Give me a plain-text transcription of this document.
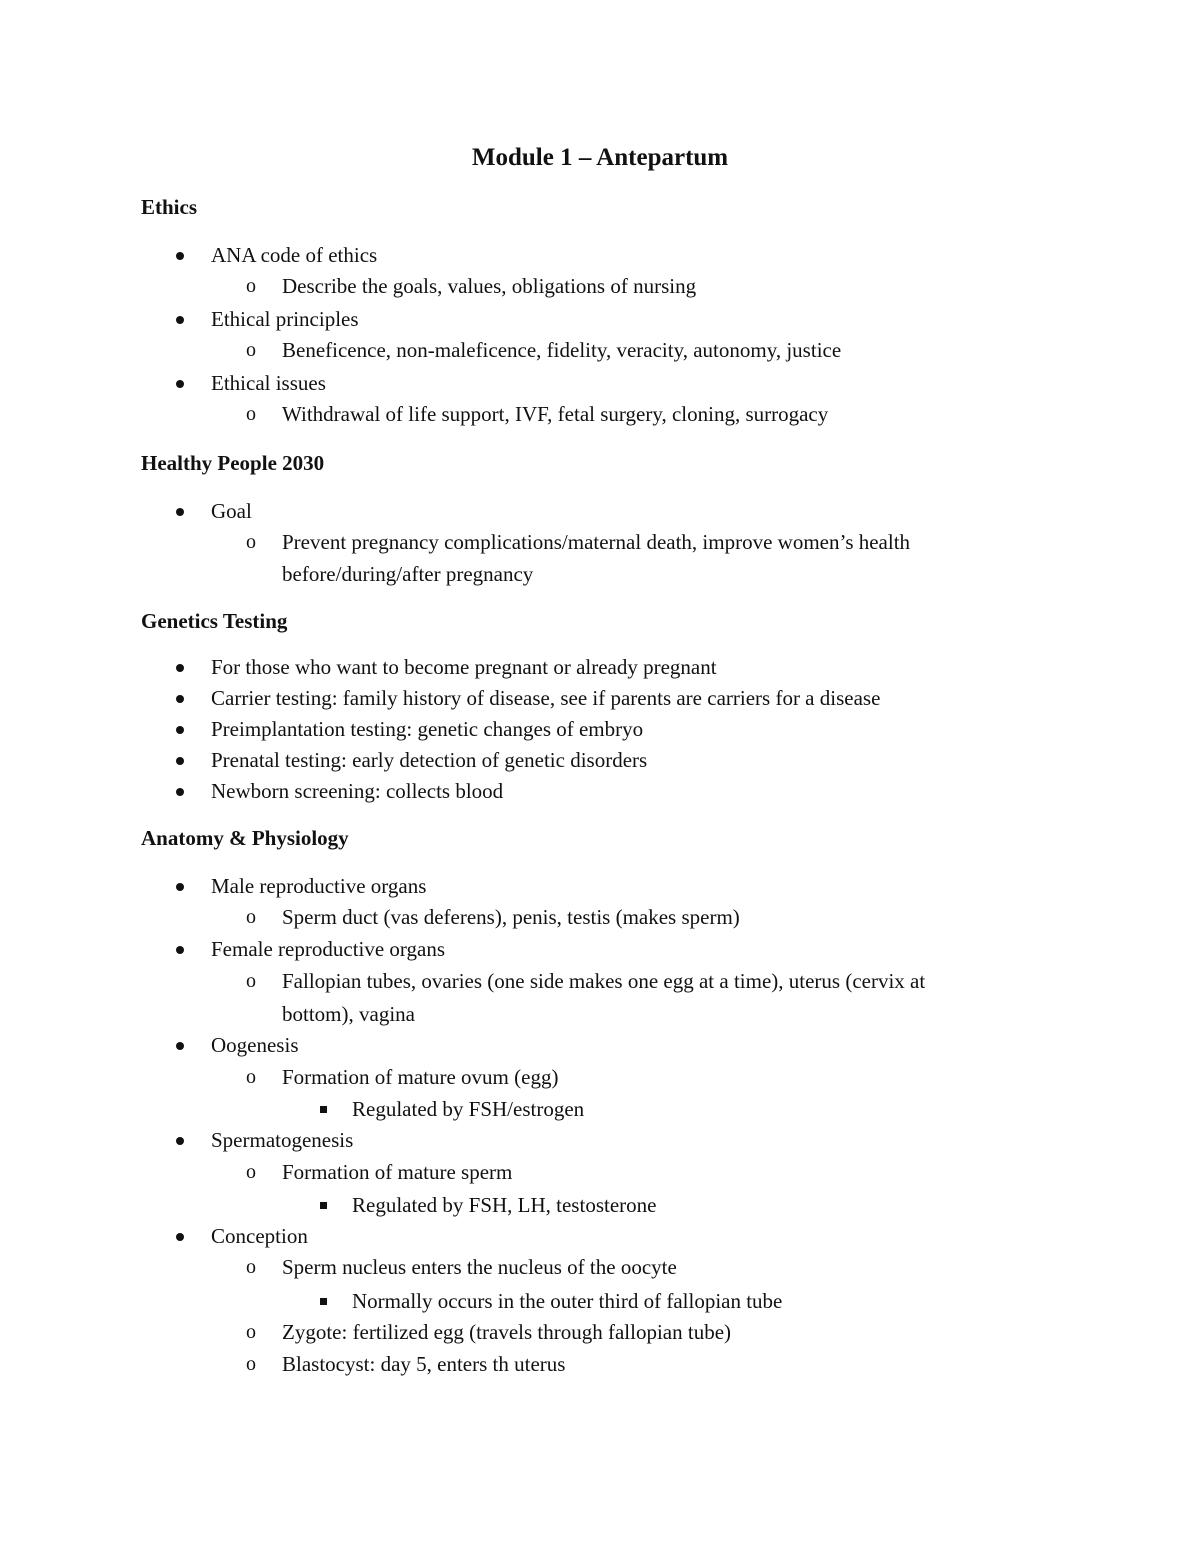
Module 1 – Antepartum
Ethics
ANA code of ethics
o Describe the goals, values, obligations of nursing
Ethical principles
o Beneficence, non-maleficence, fidelity, veracity, autonomy, justice
Ethical issues
o Withdrawal of life support, IVF, fetal surgery, cloning, surrogacy
Healthy People 2030
Goal
o Prevent pregnancy complications/maternal death, improve women’s health
before/during/after pregnancy
Genetics Testing
For those who want to become pregnant or already pregnant
Carrier testing: family history of disease, see if parents are carriers for a disease
Preimplantation testing: genetic changes of embryo
Prenatal testing: early detection of genetic disorders
Newborn screening: collects blood
Anatomy & Physiology
Male reproductive organs
o Sperm duct (vas deferens), penis, testis (makes sperm)
Female reproductive organs
o Fallopian tubes, ovaries (one side makes one egg at a time), uterus (cervix at
bottom), vagina
Oogenesis
o Formation of mature ovum (egg)
Regulated by FSH/estrogen
Spermatogenesis
o Formation of mature sperm
Regulated by FSH, LH, testosterone
Conception
o Sperm nucleus enters the nucleus of the oocyte
Normally occurs in the outer third of fallopian tube
o Zygote: fertilized egg (travels through fallopian tube)
o Blastocyst: day 5, enters th uterus
